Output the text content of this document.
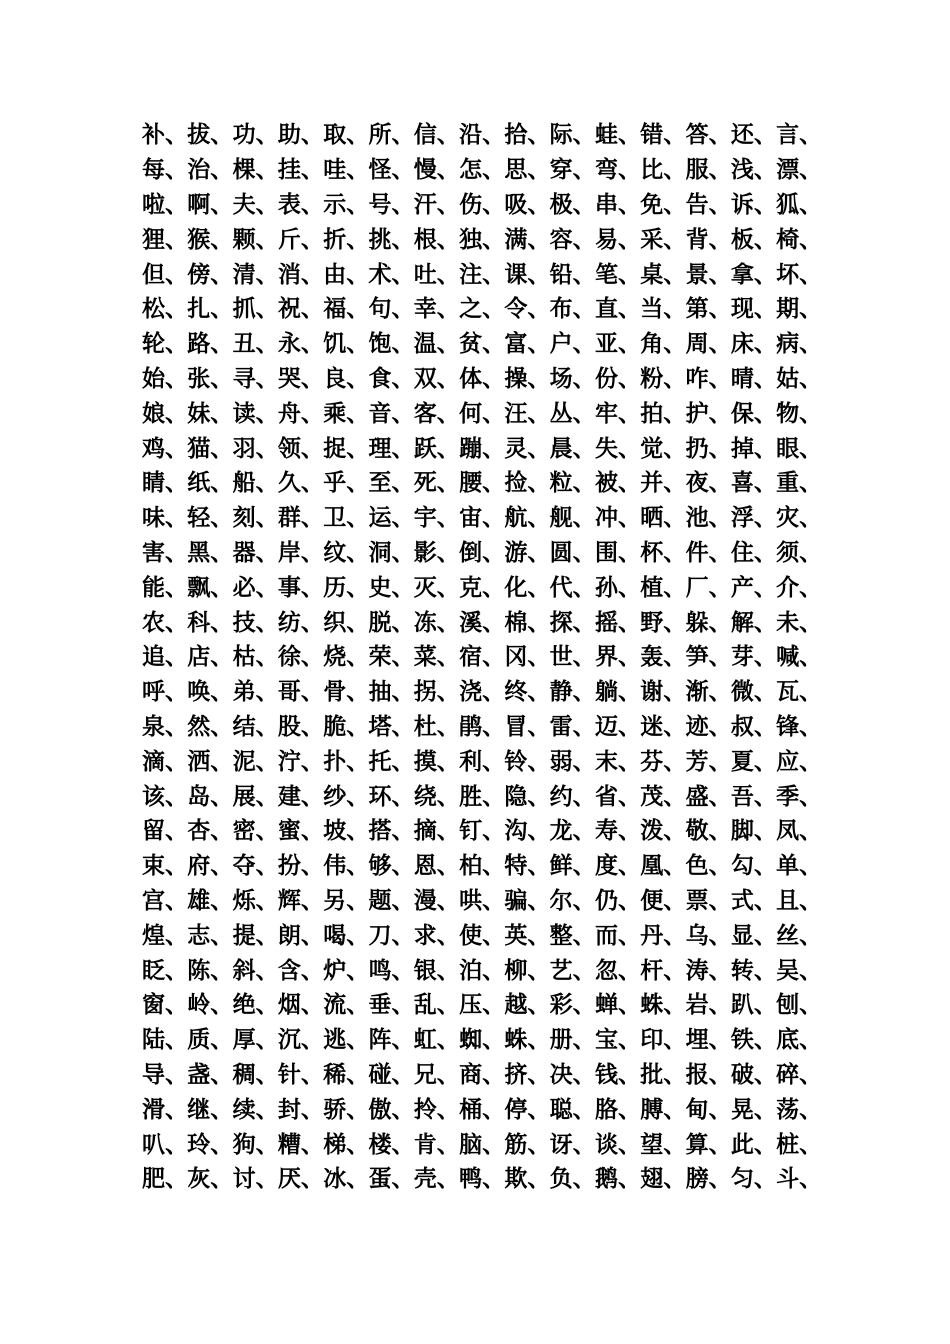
补、 拔、 功、 助、 取、 所、 信、 沿、 拾、 际、 蛙、 错、 答、 还、 言、
每、 治、 棵、 挂、 哇、 怪、 慢、 怎、 思、 穿、 弯、 比、 服、 浅、 漂、
啦、 啊、 夫、 表、 示、 号、 汗、 伤、 吸、 极、 串、 免、 告、 诉、 狐、
狸、 猴、 颗、 斤、 折、 挑、 根、 独、 满、 容、 易、 采、 背、 板、 椅、
但、 傍、 清、 消、 由、 术、 吐、 注、 课、 铅、 笔、 桌、 景、 拿、 坏、
松、 扎、 抓、 祝、 福、 句、 幸、 之、 令、 布、 直、 当、 第、 现、 期、
轮、 路、 丑、 永、 饥、 饱、 温、 贫、 富、 户、 亚、 角、 周、 床、 病、
始、 张、 寻、 哭、 良、 食、 双、 体、 操、 场、 份、 粉、 咋、 晴、 姑、
娘、 妹、 读、 舟、 乘、 音、 客、 何、 汪、 丛、 牢、 拍、 护、 保、 物、
鸡、 猫、 羽、 领、 捉、 理、 跃、 蹦、 灵、 晨、 失、 觉、 扔、 掉、 眼、
睛、 纸、 船、 久、 乎、 至、 死、 腰、 捡、 粒、 被、 并、 夜、 喜、 重、
味、 轻、 刻、 群、 卫、 运、 宇、 宙、 航、 舰、 冲、 晒、 池、 浮、 灾、
害、 黑、 器、 岸、 纹、 洞、 影、 倒、 游、 圆、 围、 杯、 件、 住、 须、
能、 飘、 必、 事、 历、 史、 灭、 克、 化、 代、 孙、 植、 厂、 产、 介、
农、 科、 技、 纺、 织、 脱、 冻、 溪、 棉、 探、 摇、 野、 躲、 解、 未、
追、 店、 枯、 徐、 烧、 荣、 菜、 宿、 冈、 世、 界、 轰、 笋、 芽、 喊、
呼、 唤、 弟、 哥、 骨、 抽、 拐、 浇、 终、 静、 躺、 谢、 渐、 微、 瓦、
泉、 然、 结、 股、 脆、 塔、 杜、 鹃、 冒、 雷、 迈、 迷、 迹、 叔、 锋、
滴、 洒、 泥、 泞、 扑、 托、 摸、 利、 铃、 弱、 末、 芬、 芳、 夏、 应、
该、 岛、 展、 建、 纱、 环、 绕、 胜、 隐、 约、 省、 茂、 盛、 吾、 季、
留、 杏、 密、 蜜、 坡、 搭、 摘、 钉、 沟、 龙、 寿、 泼、 敬、 脚、 凤、
束、 府、 夺、 扮、 伟、 够、 恩、 柏、 特、 鲜、 度、 凰、 色、 勾、 单、
宫、 雄、 烁、 辉、 另、 题、 漫、 哄、 骗、 尔、 仍、 便、 票、 式、 且、
煌、 志、 提、 朗、 喝、 刀、 求、 使、 英、 整、 而、 丹、 乌、 显、 丝、
眨、 陈、 斜、 含、 炉、 鸣、 银、 泊、 柳、 艺、 忽、 杆、 涛、 转、 吴、
窗、 岭、 绝、 烟、 流、 垂、 乱、 压、 越、 彩、 蝉、 蛛、 岩、 趴、 刨、
陆、 质、 厚、 沉、 逃、 阵、 虹、 蜘、 蛛、 册、 宝、 印、 埋、 铁、 底、
导、 盏、 稠、 针、 稀、 碰、 兄、 商、 挤、 决、 钱、 批、 报、 破、 碎、
滑、 继、 续、 封、 骄、 傲、 拎、 桶、 停、 聪、 胳、 膊、 甸、 晃、 荡、
叭、 玲、 狗、 糟、 梯、 楼、 肯、 脑、 筋、 讶、 谈、 望、 算、 此、 桩、
肥、 灰、 讨、 厌、 冰、 蛋、 壳、 鸭、 欺、 负、 鹅、 翅、 膀、 匀、 斗、
